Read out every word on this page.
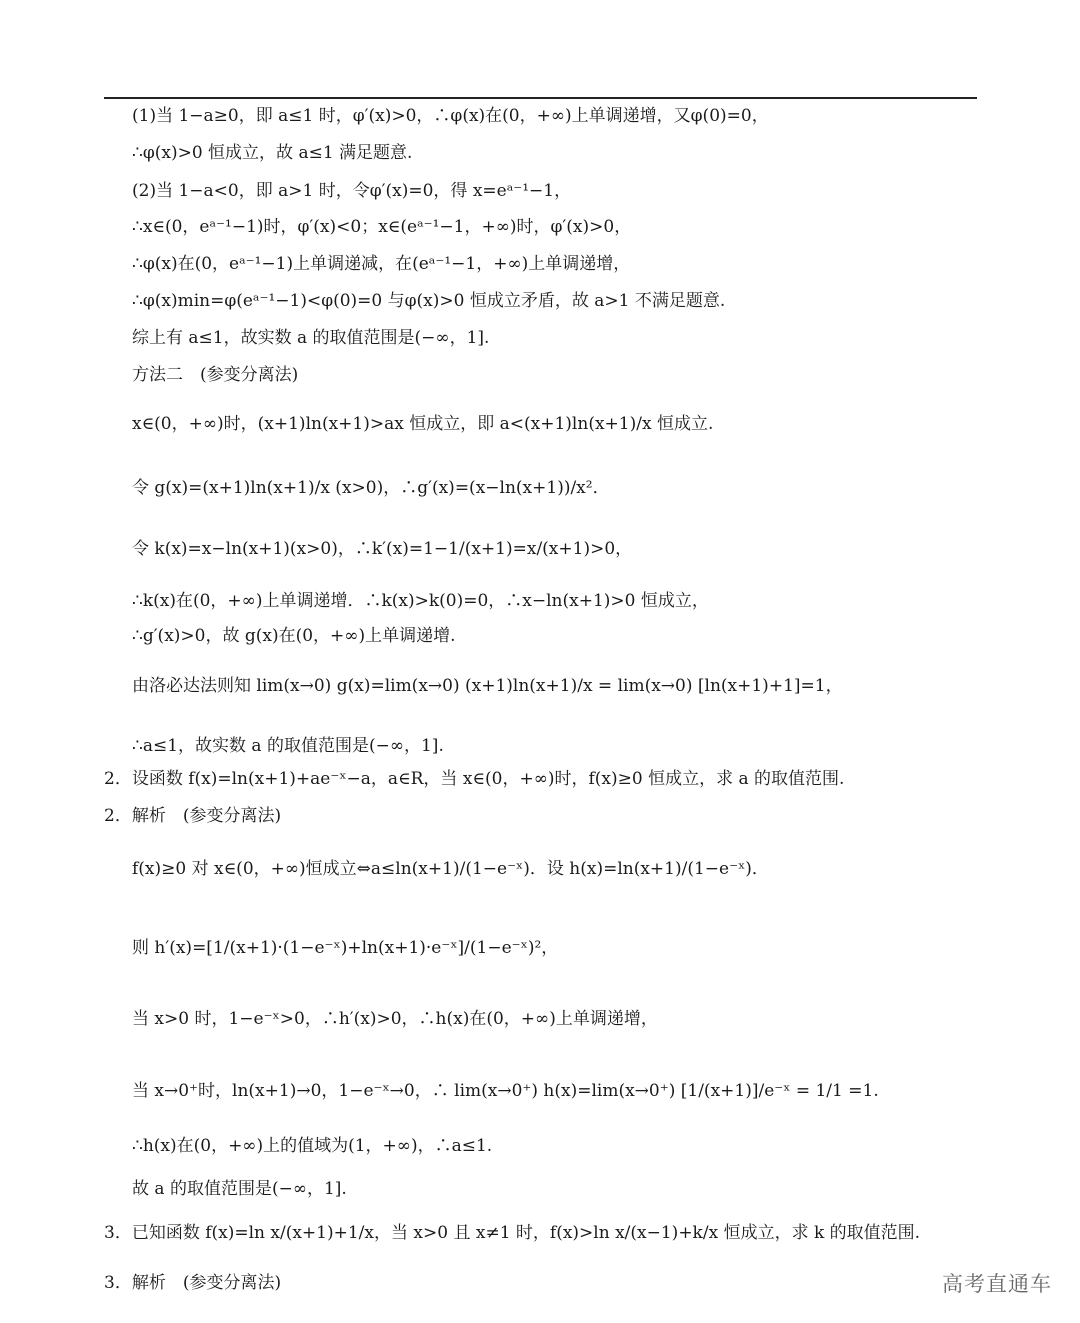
(1)当 1−a≥0，即 a≤1 时，φ′(x)>0，∴φ(x)在(0，+∞)上单调递增，又φ(0)=0，
∴φ(x)>0 恒成立，故 a≤1 满足题意.
(2)当 1−a<0，即 a>1 时，令φ′(x)=0，得 x=eᵃ⁻¹−1，
∴x∈(0，eᵃ⁻¹−1)时，φ′(x)<0；x∈(eᵃ⁻¹−1，+∞)时，φ′(x)>0，
∴φ(x)在(0，eᵃ⁻¹−1)上单调递减，在(eᵃ⁻¹−1，+∞)上单调递增，
∴φ(x)min=φ(eᵃ⁻¹−1)<φ(0)=0 与φ(x)>0 恒成立矛盾，故 a>1 不满足题意.
综上有 a≤1，故实数 a 的取值范围是(−∞，1].
方法二　(参变分离法)
x∈(0，+∞)时，(x+1)ln(x+1)>ax 恒成立，即 a<(x+1)ln(x+1)/x 恒成立.
令 g(x)=(x+1)ln(x+1)/x (x>0)，∴g′(x)=(x−ln(x+1))/x²．
令 k(x)=x−ln(x+1)(x>0)，∴k′(x)=1−1/(x+1)=x/(x+1)>0，
∴k(x)在(0，+∞)上单调递增．∴k(x)>k(0)=0，∴x−ln(x+1)>0 恒成立，
∴g′(x)>0，故 g(x)在(0，+∞)上单调递增.
由洛必达法则知 lim(x→0) g(x)=lim(x→0) (x+1)ln(x+1)/x = lim(x→0) [ln(x+1)+1]=1，
∴a≤1，故实数 a 的取值范围是(−∞，1].
2．设函数 f(x)=ln(x+1)+ae⁻ˣ−a，a∈R，当 x∈(0，+∞)时，f(x)≥0 恒成立，求 a 的取值范围.
2．解析　(参变分离法)
f(x)≥0 对 x∈(0，+∞)恒成立⇔a≤ln(x+1)/(1−e⁻ˣ)．设 h(x)=ln(x+1)/(1−e⁻ˣ)．
则 h′(x)=[1/(x+1)·(1−e⁻ˣ)+ln(x+1)·e⁻ˣ]/(1−e⁻ˣ)²，
当 x>0 时，1−e⁻ˣ>0，∴h′(x)>0，∴h(x)在(0，+∞)上单调递增，
当 x→0⁺时，ln(x+1)→0，1−e⁻ˣ→0，∴ lim(x→0⁺) h(x)=lim(x→0⁺) [1/(x+1)]/e⁻ˣ = 1/1 =1.
∴h(x)在(0，+∞)上的值域为(1，+∞)，∴a≤1.
故 a 的取值范围是(−∞，1].
3．已知函数 f(x)=ln x/(x+1)+1/x，当 x>0 且 x≠1 时，f(x)>ln x/(x−1)+k/x 恒成立，求 k 的取值范围.
3．解析　(参变分离法)	高考直通车
